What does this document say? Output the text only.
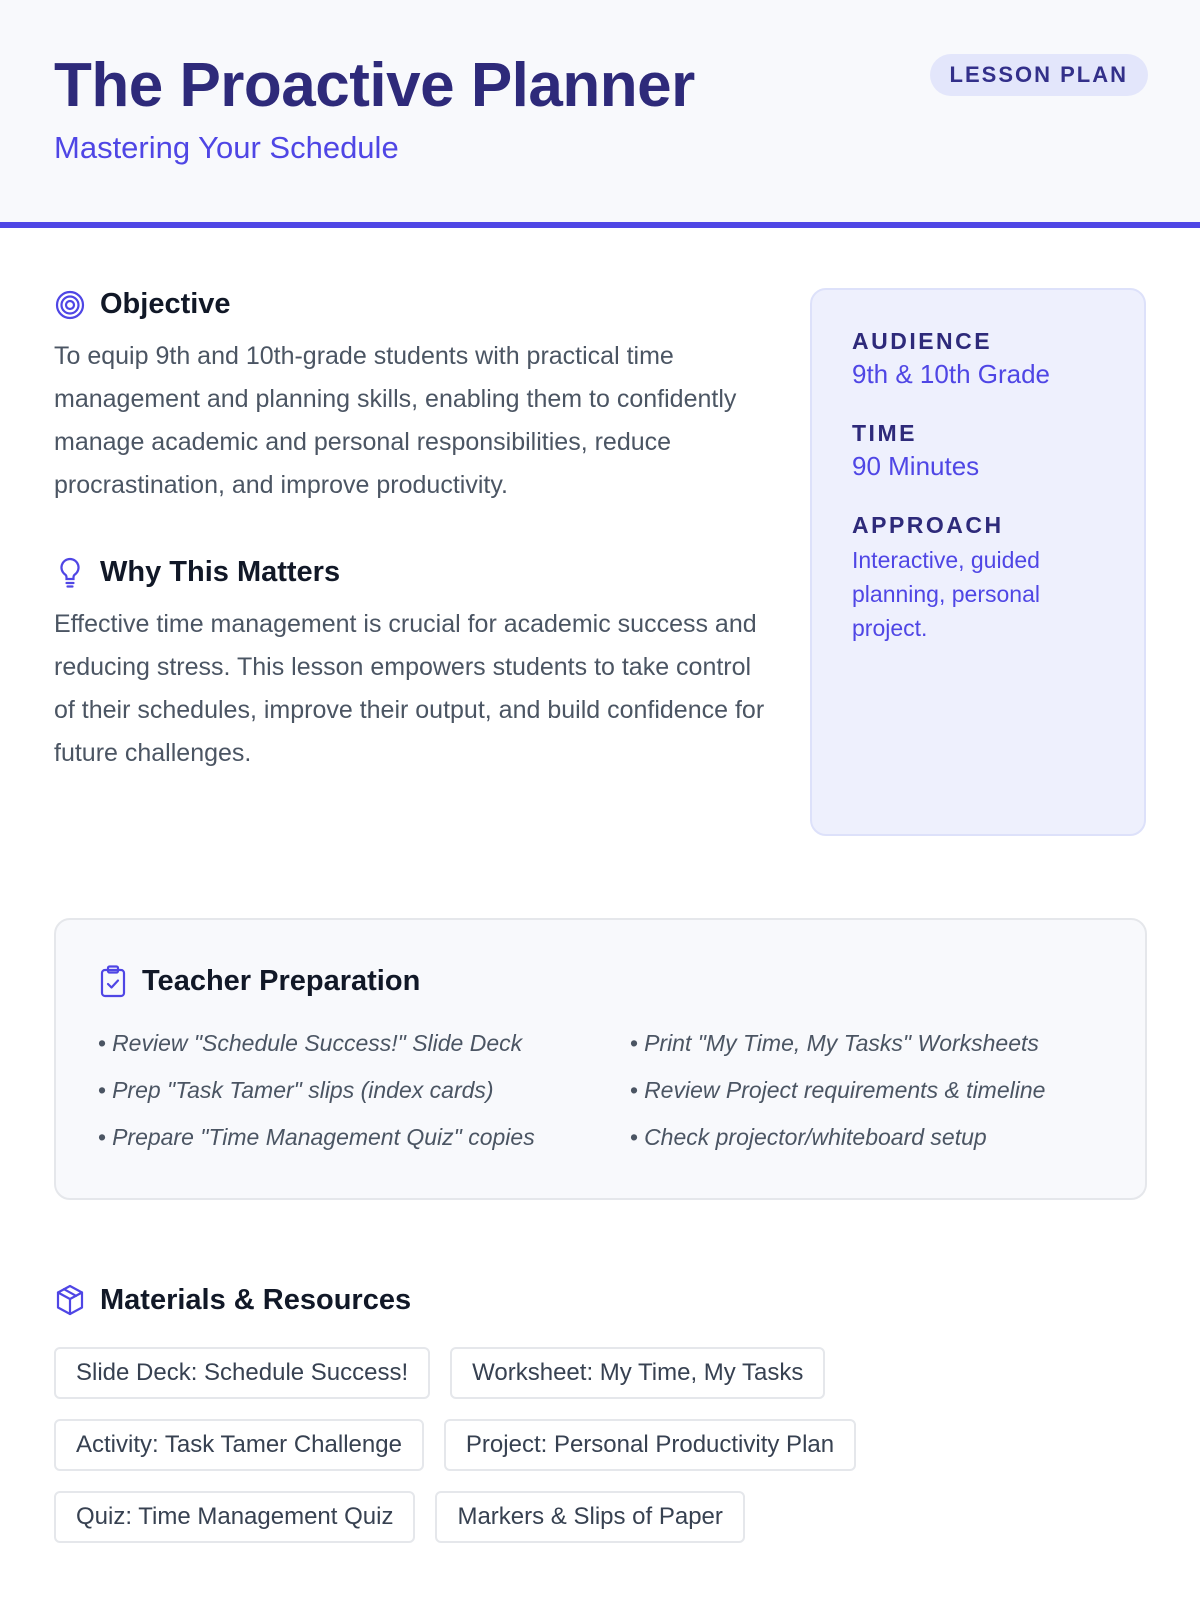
The Proactive Planner
Mastering Your Schedule
LESSON PLAN
Objective

To equip 9th and 10th-grade students with practical time management and planning skills, enabling them to confidently manage academic and personal responsibilities, reduce procrastination, and improve productivity.

Why This Matters

Effective time management is crucial for academic success and reducing stress. This lesson empowers students to take control of their schedules, improve their output, and build confidence for future challenges.

AUDIENCE
9th & 10th Grade
TIME
90 Minutes
APPROACH
Interactive, guided planning, personal project.
Teacher Preparation
• Review "Schedule Success!" Slide Deck	• Print "My Time, My Tasks" Worksheets
• Prep "Task Tamer" slips (index cards)	• Review Project requirements & timeline
• Prepare "Time Management Quiz" copies	• Check projector/whiteboard setup
Materials & Resources
Slide Deck: Schedule Success!	Worksheet: My Time, My Tasks
Activity: Task Tamer Challenge	Project: Personal Productivity Plan
Quiz: Time Management Quiz	Markers & Slips of Paper
